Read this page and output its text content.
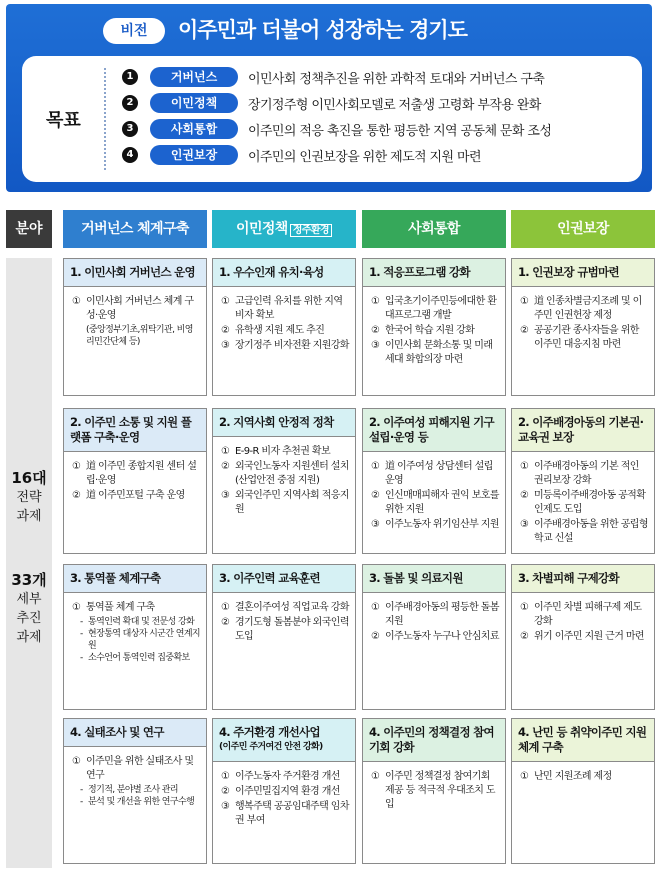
비전	이주민과 더불어 성장하는 경기도
목표
1	거버넌스	이민사회 정책추진을 위한 과학적 토대와 거버넌스 구축
2	이민정책	장기정주형 이민사회모델로 저출생 고령화 부작용 완화
3	사회통합	이주민의 적응 촉진을 통한 평등한 지역 공동체 문화 조성
4	인권보장	이주민의 인권보장을 위한 제도적 지원 마련
분야	거버넌스 체계구축	이민정책 정주환경	사회통합	인권보장
16대
전략
과제
33개
세부
추진
과제
1. 이민사회 거버넌스 운영
① 이민사회 거버넌스 체계 구성·운영
(중앙정부기초,위탁기관, 비영리민간단체 등)
2. 이주민 소통 및 지원 플랫폼 구축·운영
① 道 이주민 종합지원 센터 설립·운영
② 道 이주민포털 구축 운영
3. 통역풀 체계구축
① 통역풀 체계 구축
- 통역인력 확대 및 전문성 강화
- 현장통역 대상자 시군간 연계지원
- 소수언어 통역인력 집중확보
4. 실태조사 및 연구
① 이주민을 위한 실태조사 및 연구
- 정기적, 분야별 조사 관리
- 분석 및 개선을 위한 연구수행
1. 우수인재 유치·육성
① 고급인력 유치를 위한 지역비자 확보
② 유학생 지원 제도 추진
③ 장기정주 비자전환 지원강화
2. 지역사회 안정적 정착
① E-9-R 비자 추천권 확보
② 외국인노동자 지원센터 설치(산업안전 중점 지원)
③ 외국인주민 지역사회 적응지원
3. 이주인력 교육훈련
① 결혼이주여성 직업교육 강화
② 경기도형 돌봄분야 외국인력 도입
4. 주거환경 개선사업
(이주민 주거여건 안전 강화)
① 이주노동자 주거환경 개선
② 이주민밀집지역 환경 개선
③ 행복주택 공공임대주택 임차권 부여
1. 적응프로그램 강화
① 입국초기이주민등에대한 환대프로그램 개발
② 한국어 학습 지원 강화
③ 이민사회 문화소통 및 미래세대 화합의장 마련
2. 이주여성 피해지원 기구 설립·운영 등
① 道 이주여성 상담센터 설립 운영
② 인신매매피해자 권익 보호를 위한 지원
③ 이주노동자 위기임산부 지원
3. 돌봄 및 의료지원
① 이주배경아동의 평등한 돌봄 지원
② 이주노동자 누구나 안심치료
4. 이주민의 정책결정 참여 기회 강화
① 이주민 정책결정 참여기회 제공 등 적극적 우대조치 도입
1. 인권보장 규범마련
① 道 인종차별금지조례 및 이주민 인권헌장 제정
② 공공기관 종사자들을 위한 이주민 대응지침 마련
2. 이주배경아동의 기본권·교육권 보장
① 이주배경아동의 기본 적인 권리보장 강화
② 미등록이주배경아동 공적확인제도 도입
③ 이주배경아동을 위한 공립형학교 신설
3. 차별피해 구제강화
① 이주민 차별 피해구제 제도 강화
② 위기 이주민 지원 근거 마련
4. 난민 등 취약이주민 지원체계 구축
① 난민 지원조례 제정
